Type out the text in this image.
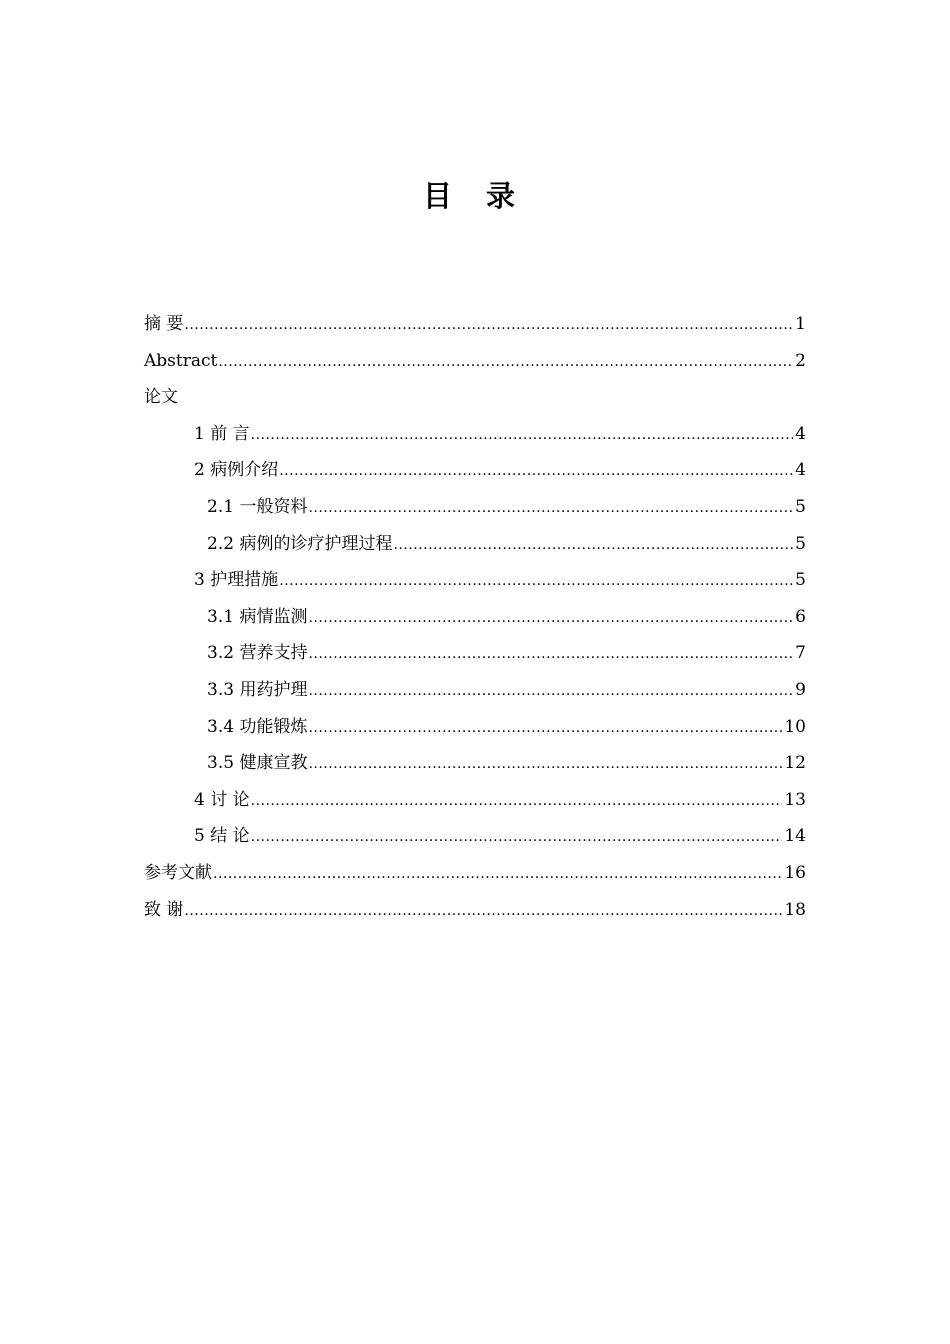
目 录
摘 要 .....	1
Abstract .....	2
论文
1 前 言 .....	4
2 病例介绍 .....	4
2.1 一般资料 .....	5
2.2 病例的诊疗护理过程 .....	5
3 护理措施 .....	5
3.1 病情监测 .....	6
3.2 营养支持 .....	7
3.3 用药护理 .....	9
3.4 功能锻炼 .....	10
3.5 健康宣教 .....	12
4 讨 论 .....	13
5 结 论 .....	14
参考文献 .....	16
致 谢 .....	18
